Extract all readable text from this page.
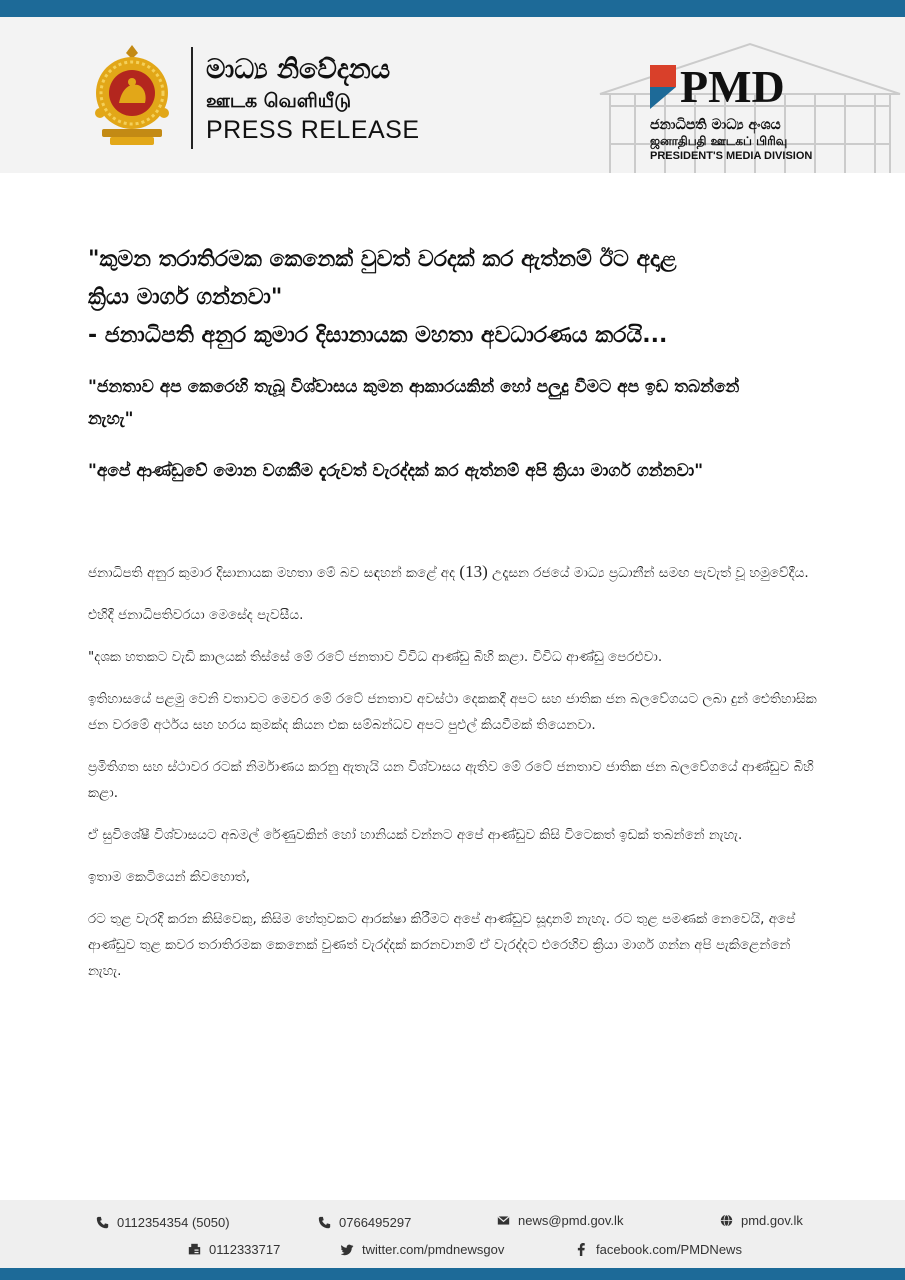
මාධ්‍ය නිවේදනය
ஊடக வெளியீடு
PRESS RELEASE
PMD
ජනාධිපති මාධ්‍ය අංශය
ஜனாதிபதி ஊடகப் பிரிவு
PRESIDENT'S MEDIA DIVISION
"කුමන තරාතිරමක කෙනෙක් වුවත් වරදක් කර ඇත්නම් ඊට අදාළ
ක්‍රියා මාර්ග ගන්නවා"
- ජනාධිපති අනුර කුමාර දිසානායක මහතා අවධාරණය කරයි...
"ජනතාව අප කෙරෙහි තැබූ විශ්වාසය කුමන ආකාරයකින් හෝ පලුදු වීමට අප ඉඩ තබන්නේ නැහැ"
"අපේ ආණ්ඩුවේ මොන වගකීම දැරුවත් වැරද්දක් කර ඇත්නම් අපි ක්‍රියා මාර්ග ගන්නවා"

ජනාධිපති අනුර කුමාර දිසානායක මහතා මේ බව සඳහන් කළේ අද (13) උදෑසන රජයේ මාධ්‍ය ප්‍රධානීන් සමඟ පැවැත් වූ හමුවේදීය.

එහිදී ජනාධිපතිවරයා මෙසේද පැවසීය.

"දශක හතකට වැඩි කාලයක් තිස්සේ මේ රටේ ජනතාව විවිධ ආණ්ඩු බිහි කළා. විවිධ ආණ්ඩු පෙරළුවා.

ඉතිහාසයේ පළමු වෙනි වතාවට මෙවර මේ රටේ ජනතාව අවස්ථා දෙකකදී අපට සහ ජාතික ජන බලවේගයට ලබා දුන් ඓතිහාසික ජන වරමේ අර්ථය සහ හරය කුමක්ද කියන එක සම්බන්ධව අපට පුළුල් කියවීමක් තියෙනවා.

ප්‍රමිතිගත සහ ස්ථාවර රටක් නිර්මාණය කරනු ඇතැයි යන විශ්වාසය ඇතිව මේ රටේ ජනතාව ජාතික ජන බලවේගයේ ආණ්ඩුව බිහි කළා.

ඒ සුවිශේෂී විශ්වාසයට අබමල් රේණුවකින් හෝ හානියක් වන්නට අපේ ආණ්ඩුව කිසි විටෙකත් ඉඩක් තබන්නේ නැහැ.

ඉතාම කෙටියෙන් කිවහොත්,

රට තුළ වැරදි කරන කිසිවෙකු, කිසිම හේතුවකට ආරක්ෂා කිරීමට අපේ ආණ්ඩුව සූදානම් නැහැ. රට තුළ පමණක් නෙවෙයි, අපේ ආණ්ඩුව තුළ කවර තරාතිරමක කෙනෙක් වුණත් වැරද්දක් කරනවානම් ඒ වැරද්දට එරෙහිව ක්‍රියා මාර්ග ගන්න අපි පැකිළෙන්නේ නැහැ.

0112354354 (5050)	0766495297	news@pmd.gov.lk	pmd.gov.lk
0112333717	twitter.com/pmdnewsgov	facebook.com/PMDNews
